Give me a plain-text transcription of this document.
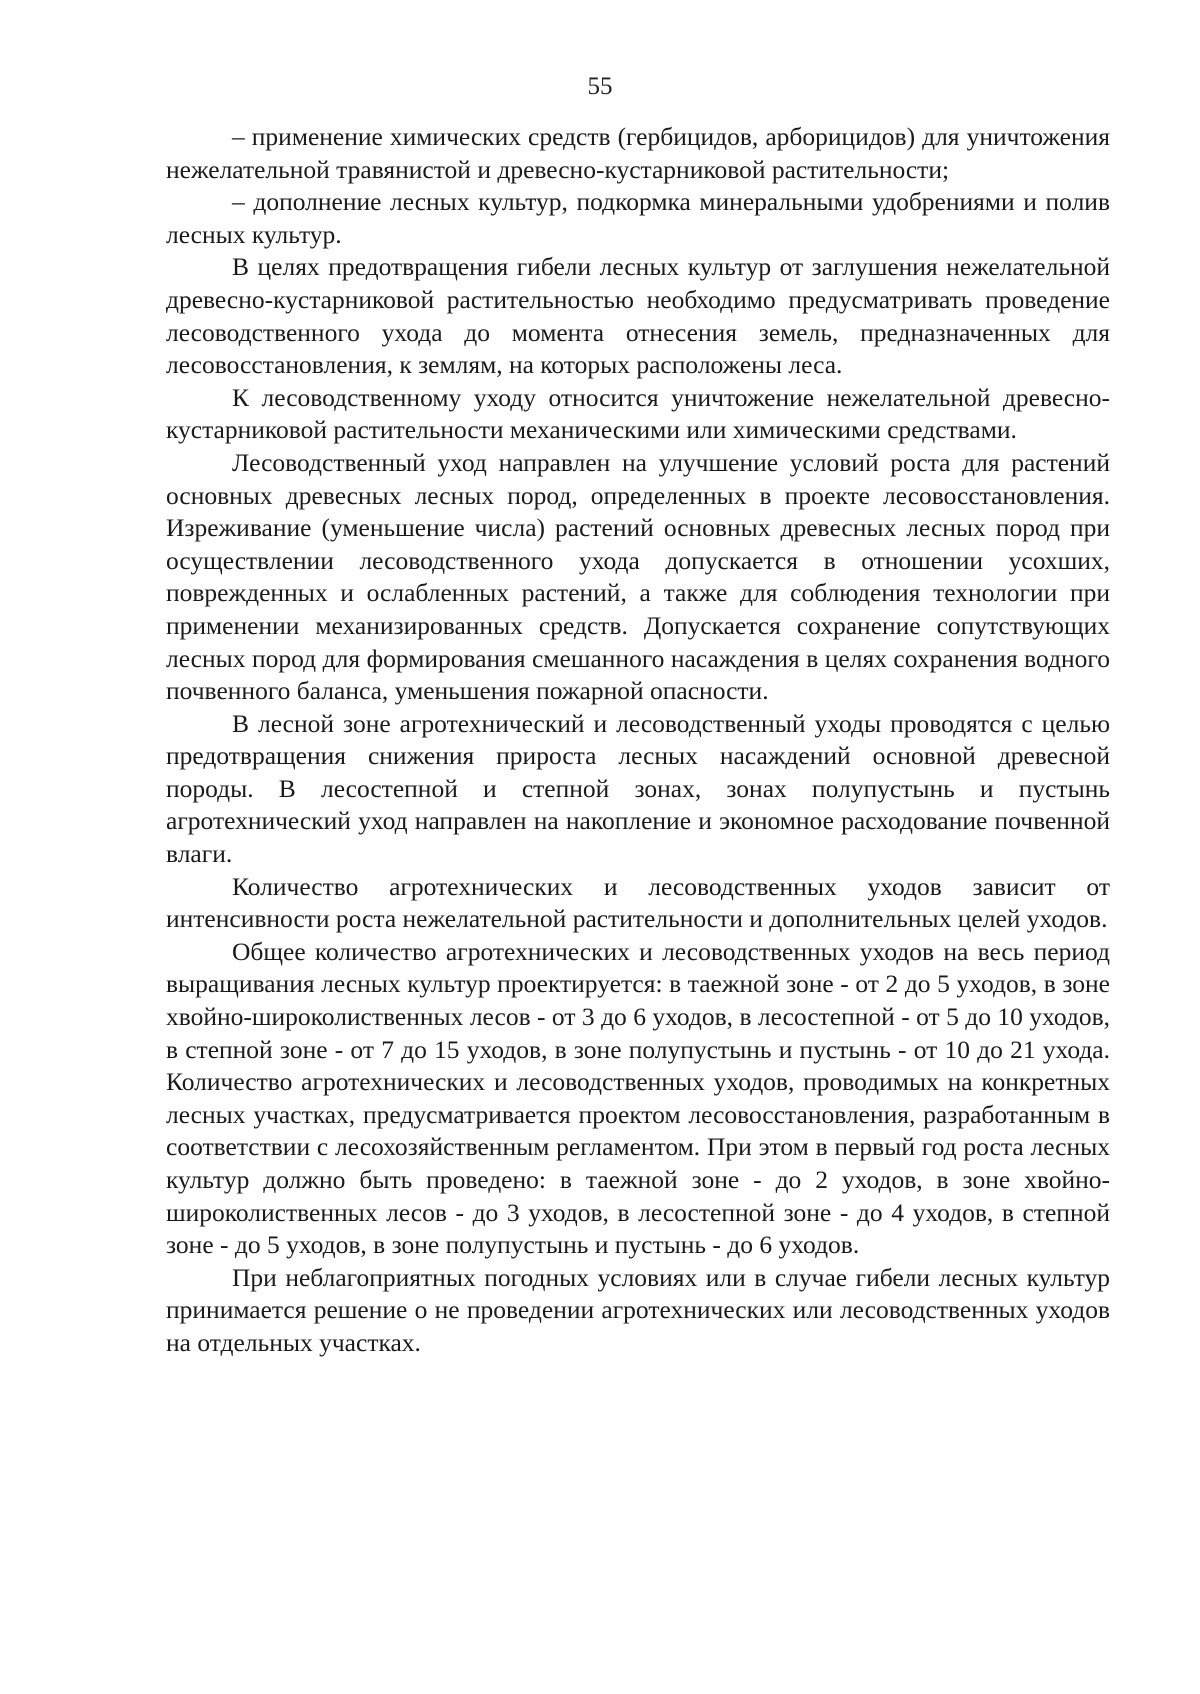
55

– применение химических средств (гербицидов, арборицидов) для уничтожения нежелательной травянистой и древесно-кустарниковой растительности;

– дополнение лесных культур, подкормка минеральными удобрениями и полив лесных культур.

В целях предотвращения гибели лесных культур от заглушения нежелательной древесно-кустарниковой растительностью необходимо предусматривать проведение лесоводственного ухода до момента отнесения земель, предназначенных для лесовосстановления, к землям, на которых расположены леса.

К лесоводственному уходу относится уничтожение нежелательной древесно-кустарниковой растительности механическими или химическими средствами.

Лесоводственный уход направлен на улучшение условий роста для растений основных древесных лесных пород, определенных в проекте лесовосстановления. Изреживание (уменьшение числа) растений основных древесных лесных пород при осуществлении лесоводственного ухода допускается в отношении усохших, поврежденных и ослабленных растений, а также для соблюдения технологии при применении механизированных средств. Допускается сохранение сопутствующих лесных пород для формирования смешанного насаждения в целях сохранения водного почвенного баланса, уменьшения пожарной опасности.

В лесной зоне агротехнический и лесоводственный уходы проводятся с целью предотвращения снижения прироста лесных насаждений основной древесной породы. В лесостепной и степной зонах, зонах полупустынь и пустынь агротехнический уход направлен на накопление и экономное расходование почвенной влаги.

Количество агротехнических и лесоводственных уходов зависит от интенсивности роста нежелательной растительности и дополнительных целей уходов.

Общее количество агротехнических и лесоводственных уходов на весь период выращивания лесных культур проектируется: в таежной зоне - от 2 до 5 уходов, в зоне хвойно-широколиственных лесов - от 3 до 6 уходов, в лесостепной - от 5 до 10 уходов, в степной зоне - от 7 до 15 уходов, в зоне полупустынь и пустынь - от 10 до 21 ухода. Количество агротехнических и лесоводственных уходов, проводимых на конкретных лесных участках, предусматривается проектом лесовосстановления, разработанным в соответствии с лесохозяйственным регламентом. При этом в первый год роста лесных культур должно быть проведено: в таежной зоне - до 2 уходов, в зоне хвойно-широколиственных лесов - до 3 уходов, в лесостепной зоне - до 4 уходов, в степной зоне - до 5 уходов, в зоне полупустынь и пустынь - до 6 уходов.

При неблагоприятных погодных условиях или в случае гибели лесных культур принимается решение о не проведении агротехнических или лесоводственных уходов на отдельных участках.
